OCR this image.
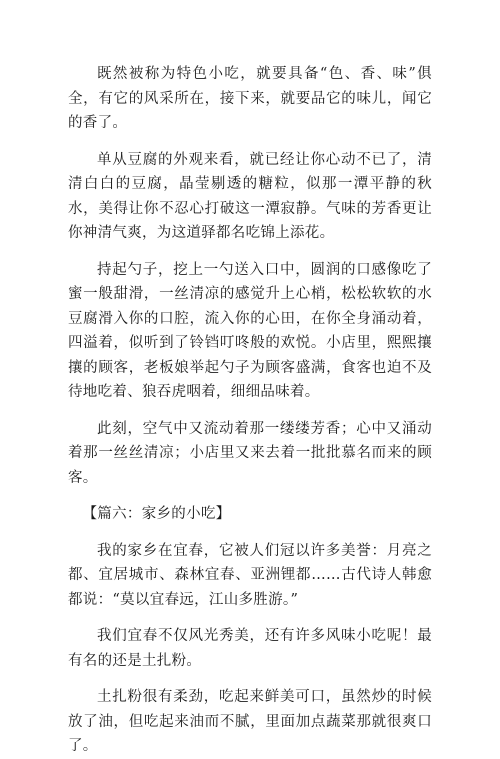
既然被称为特色小吃，就要具备“色、香、味”俱全，有它的风采所在，接下来，就要品它的味儿，闻它的香了。

单从豆腐的外观来看，就已经让你心动不已了，清清白白的豆腐，晶莹剔透的糖粒，似那一潭平静的秋水，美得让你不忍心打破这一潭寂静。气味的芳香更让你神清气爽，为这道驿都名吃锦上添花。

持起勺子，挖上一勺送入口中，圆润的口感像吃了蜜一般甜滑，一丝清凉的感觉升上心梢，松松软软的水豆腐滑入你的口腔，流入你的心田，在你全身涌动着，四溢着，似听到了铃铛叮咚般的欢悦。小店里，熙熙攘攘的顾客，老板娘举起勺子为顾客盛满，食客也迫不及待地吃着、狼吞虎咽着，细细品味着。

此刻，空气中又流动着那一缕缕芳香；心中又涌动着那一丝丝清凉；小店里又来去着一批批慕名而来的顾客。

【篇六：家乡的小吃】

我的家乡在宜春，它被人们冠以许多美誉：月亮之都、宜居城市、森林宜春、亚洲锂都……古代诗人韩愈都说：“莫以宜春远，江山多胜游。”

我们宜春不仅风光秀美，还有许多风味小吃呢！最有名的还是土扎粉。

土扎粉很有柔劲，吃起来鲜美可口，虽然炒的时候放了油，但吃起来油而不腻，里面加点蔬菜那就很爽口了。
